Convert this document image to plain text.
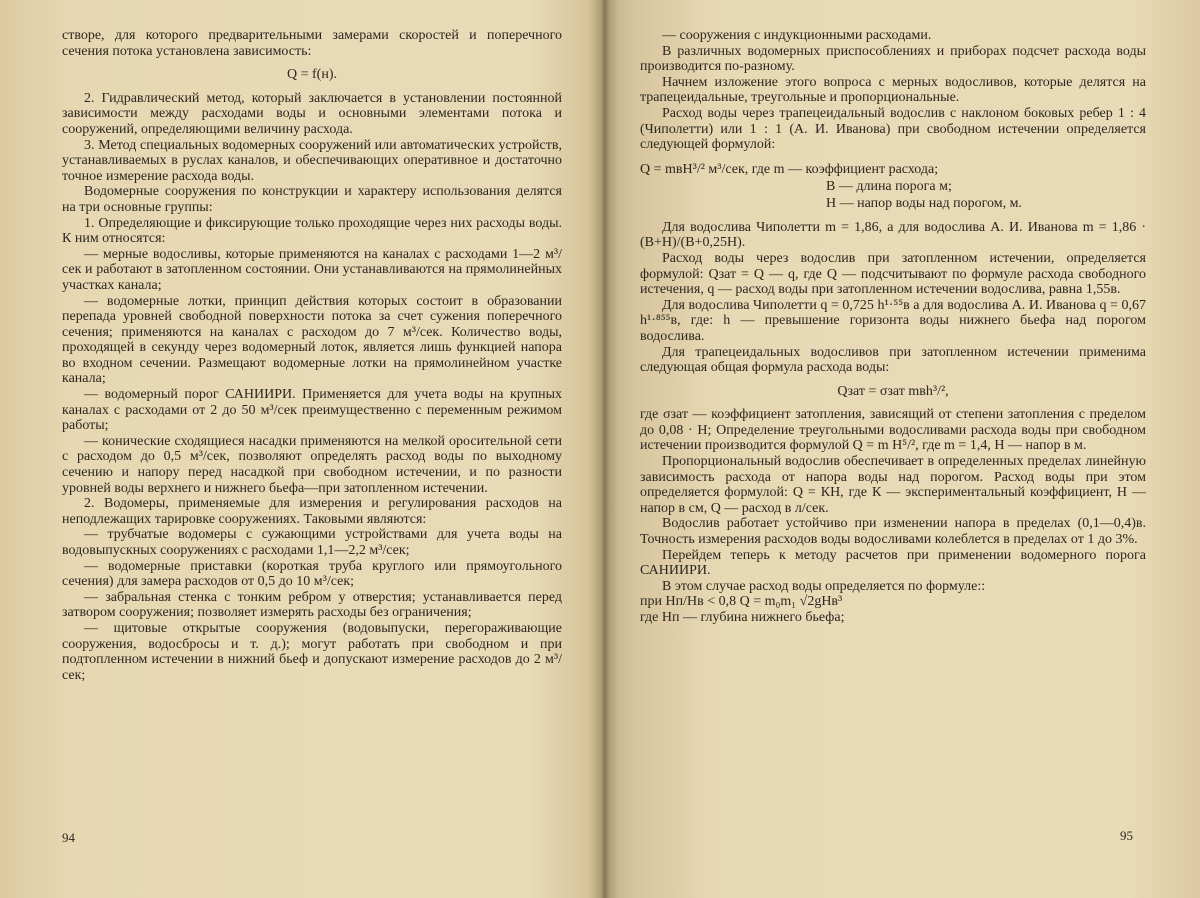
створе, для которого предварительными замерами скоростей и поперечного сечения потока установлена зависимость:

Q = f(н).

2. Гидравлический метод, который заключается в установлении постоянной зависимости между расходами воды и основными элементами потока и сооружений, определяющими величину расхода.

3. Метод специальных водомерных сооружений или автоматических устройств, устанавливаемых в руслах каналов, и обеспечивающих оперативное и достаточно точное измерение расхода воды.

Водомерные сооружения по конструкции и характеру использования делятся на три основные группы:

1. Определяющие и фиксирующие только проходящие через них расходы воды. К ним относятся:

— мерные водосливы, которые применяются на каналах с расходами 1—2 м³/сек и работают в затопленном состоянии. Они устанавливаются на прямолинейных участках канала;

— водомерные лотки, принцип действия которых состоит в образовании перепада уровней свободной поверхности потока за счет сужения поперечного сечения; применяются на каналах с расходом до 7 м³/сек. Количество воды, проходящей в секунду через водомерный лоток, является лишь функцией напора во входном сечении. Размещают водомерные лотки на прямолинейном участке канала;

— водомерный порог САНИИРИ. Применяется для учета воды на крупных каналах с расходами от 2 до 50 м³/сек преимущественно с переменным режимом работы;

— конические сходящиеся насадки применяются на мелкой оросительной сети с расходом до 0,5 м³/сек, позволяют определять расход воды по выходному сечению и напору перед насадкой при свободном истечении, и по разности уровней воды верхнего и нижнего бьефа—при затопленном истечении.

2. Водомеры, применяемые для измерения и регулирования расходов на неподлежащих тарировке сооружениях. Таковыми являются:

— трубчатые водомеры с сужающими устройствами для учета воды на водовыпускных сооружениях с расходами 1,1—2,2 м³/сек;

— водомерные приставки (короткая труба круглого или прямоугольного сечения) для замера расходов от 0,5 до 10 м³/сек;

— забральная стенка с тонким ребром у отверстия; устанавливается перед затвором сооружения; позволяет измерять расходы без ограничения;

— щитовые открытые сооружения (водовыпуски, перегораживающие сооружения, водосбросы и т. д.); могут работать при свободном и при подтопленном истечении в нижний бьеф и допускают измерение расходов до 2 м³/сек;

94

— сооружения с индукционными расходами.

В различных водомерных приспособлениях и приборах подсчет расхода воды производится по-разному.

Начнем изложение этого вопроса с мерных водосливов, которые делятся на трапецеидальные, треугольные и пропорциональные.

Расход воды через трапецеидальный водослив с наклоном боковых ребер 1 : 4 (Чиполетти) или 1 : 1 (А. И. Иванова) при свободном истечении определяется следующей формулой:

Q = mвH³/² м³/сек, где m — коэффициент расхода;
В — длина порога м;
Н — напор воды над порогом, м.

Для водослива Чиполетти m = 1,86, а для водослива А. И. Иванова m = 1,86 · (В+Н)/(В+0,25Н).

Расход воды через водослив при затопленном истечении, определяется формулой: Qзат = Q — q, где Q — подсчитывают по формуле расхода свободного истечения, q — расход воды при затопленном истечении водослива, равна 1,55в.

Для водослива Чиполетти q = 0,725 h¹·⁵⁵в а для водослива А. И. Иванова q = 0,67 h¹·⁸⁵⁵в, где: h — превышение горизонта воды нижнего бьефа над порогом водослива.

Для трапецеидальных водосливов при затопленном истечении применима следующая общая формула расхода воды:

Qзат = σзат mвh³/²,

где σзат — коэффициент затопления, зависящий от степени затопления с пределом до 0,08 · Н; Определение треугольными водосливами расхода воды при свободном истечении производится формулой Q = m Н⁵/², где m = 1,4, Н — напор в м.

Пропорциональный водослив обеспечивает в определенных пределах линейную зависимость расхода от напора воды над порогом. Расход воды при этом определяется формулой: Q = КН, где К — экспериментальный коэффициент, Н — напор в см, Q — расход в л/сек.

Водослив работает устойчиво при изменении напора в пределах (0,1—0,4)в. Точность измерения расходов воды водосливами колеблется в пределах от 1 до 3%.

Перейдем теперь к методу расчетов при применении водомерного порога САНИИРИ.

В этом случае расход воды определяется по формуле::

при Нп/Нв < 0,8 Q = m₀m₁ √2gНв³

где Нп — глубина нижнего бьефа;

95
